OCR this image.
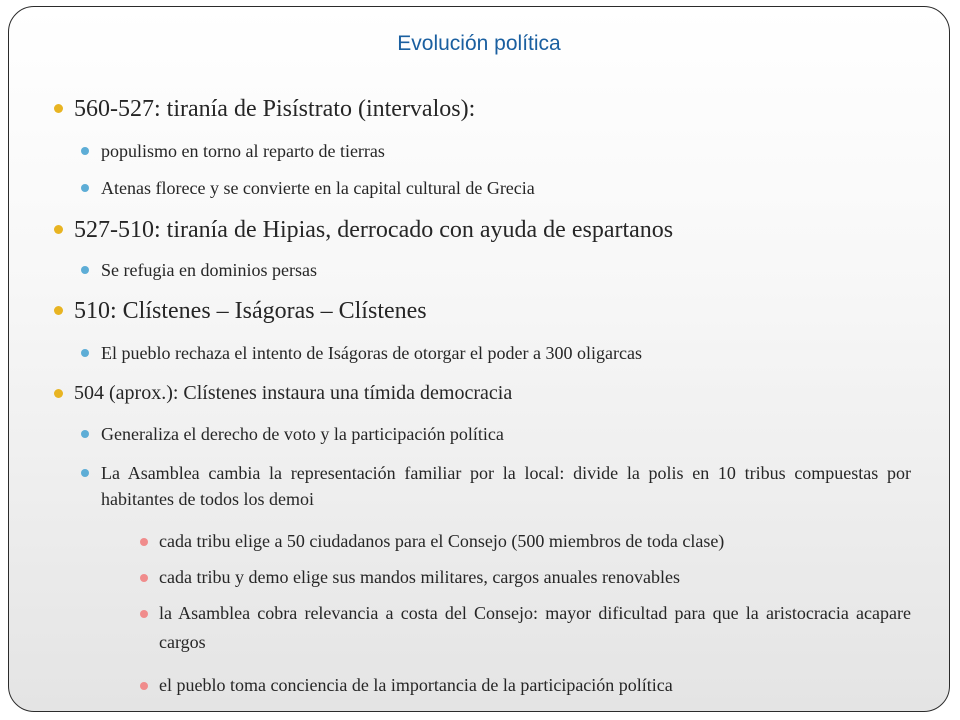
Evolución política
560-527: tiranía de Pisístrato (intervalos):
populismo en torno al reparto de tierras
Atenas florece y se convierte en la capital cultural de Grecia
527-510: tiranía de Hipias, derrocado con ayuda de espartanos
Se refugia en dominios persas
510: Clístenes – Iságoras – Clístenes
El pueblo rechaza el intento de Iságoras de otorgar el poder a 300 oligarcas
504 (aprox.): Clístenes instaura una tímida democracia
Generaliza el derecho de voto y la participación política
La Asamblea cambia la representación familiar por la local: divide la polis en 10 tribus compuestas por habitantes de todos los demoi
cada tribu elige a 50 ciudadanos para el Consejo (500 miembros de toda clase)
cada tribu y demo elige sus mandos militares, cargos anuales renovables
la Asamblea cobra relevancia a costa del Consejo: mayor dificultad para que la aristocracia acapare cargos
el pueblo toma conciencia de la importancia de la participación política
